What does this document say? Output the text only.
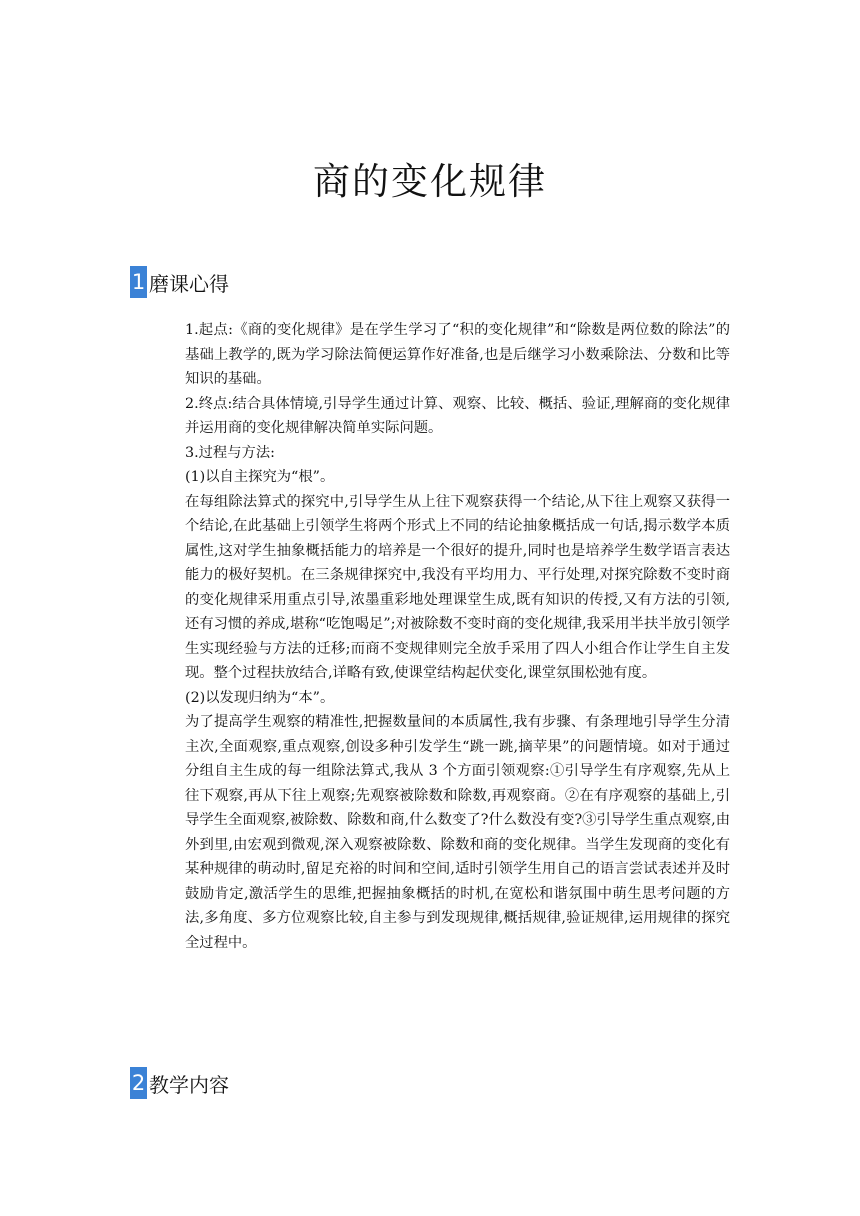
商的变化规律
1 磨课心得

1.起点:《商的变化规律》是在学生学习了“积的变化规律”和“除数是两位数的除法”的基础上教学的,既为学习除法简便运算作好准备,也是后继学习小数乘除法、分数和比等知识的基础。

2.终点:结合具体情境,引导学生通过计算、观察、比较、概括、验证,理解商的变化规律并运用商的变化规律解决简单实际问题。

3.过程与方法:

(1)以自主探究为“根”。

在每组除法算式的探究中,引导学生从上往下观察获得一个结论,从下往上观察又获得一个结论,在此基础上引领学生将两个形式上不同的结论抽象概括成一句话,揭示数学本质属性,这对学生抽象概括能力的培养是一个很好的提升,同时也是培养学生数学语言表达能力的极好契机。在三条规律探究中,我没有平均用力、平行处理,对探究除数不变时商的变化规律采用重点引导,浓墨重彩地处理课堂生成,既有知识的传授,又有方法的引领,还有习惯的养成,堪称“吃饱喝足”;对被除数不变时商的变化规律,我采用半扶半放引领学生实现经验与方法的迁移;而商不变规律则完全放手采用了四人小组合作让学生自主发现。整个过程扶放结合,详略有致,使课堂结构起伏变化,课堂氛围松弛有度。

(2)以发现归纳为“本”。

为了提高学生观察的精准性,把握数量间的本质属性,我有步骤、有条理地引导学生分清主次,全面观察,重点观察,创设多种引发学生“跳一跳,摘苹果”的问题情境。如对于通过分组自主生成的每一组除法算式,我从 3 个方面引领观察:①引导学生有序观察,先从上往下观察,再从下往上观察;先观察被除数和除数,再观察商。②在有序观察的基础上,引导学生全面观察,被除数、除数和商,什么数变了?什么数没有变?③引导学生重点观察,由外到里,由宏观到微观,深入观察被除数、除数和商的变化规律。当学生发现商的变化有某种规律的萌动时,留足充裕的时间和空间,适时引领学生用自己的语言尝试表述并及时鼓励肯定,激活学生的思维,把握抽象概括的时机,在宽松和谐氛围中萌生思考问题的方法,多角度、多方位观察比较,自主参与到发现规律,概括规律,验证规律,运用规律的探究全过程中。

2 教学内容
